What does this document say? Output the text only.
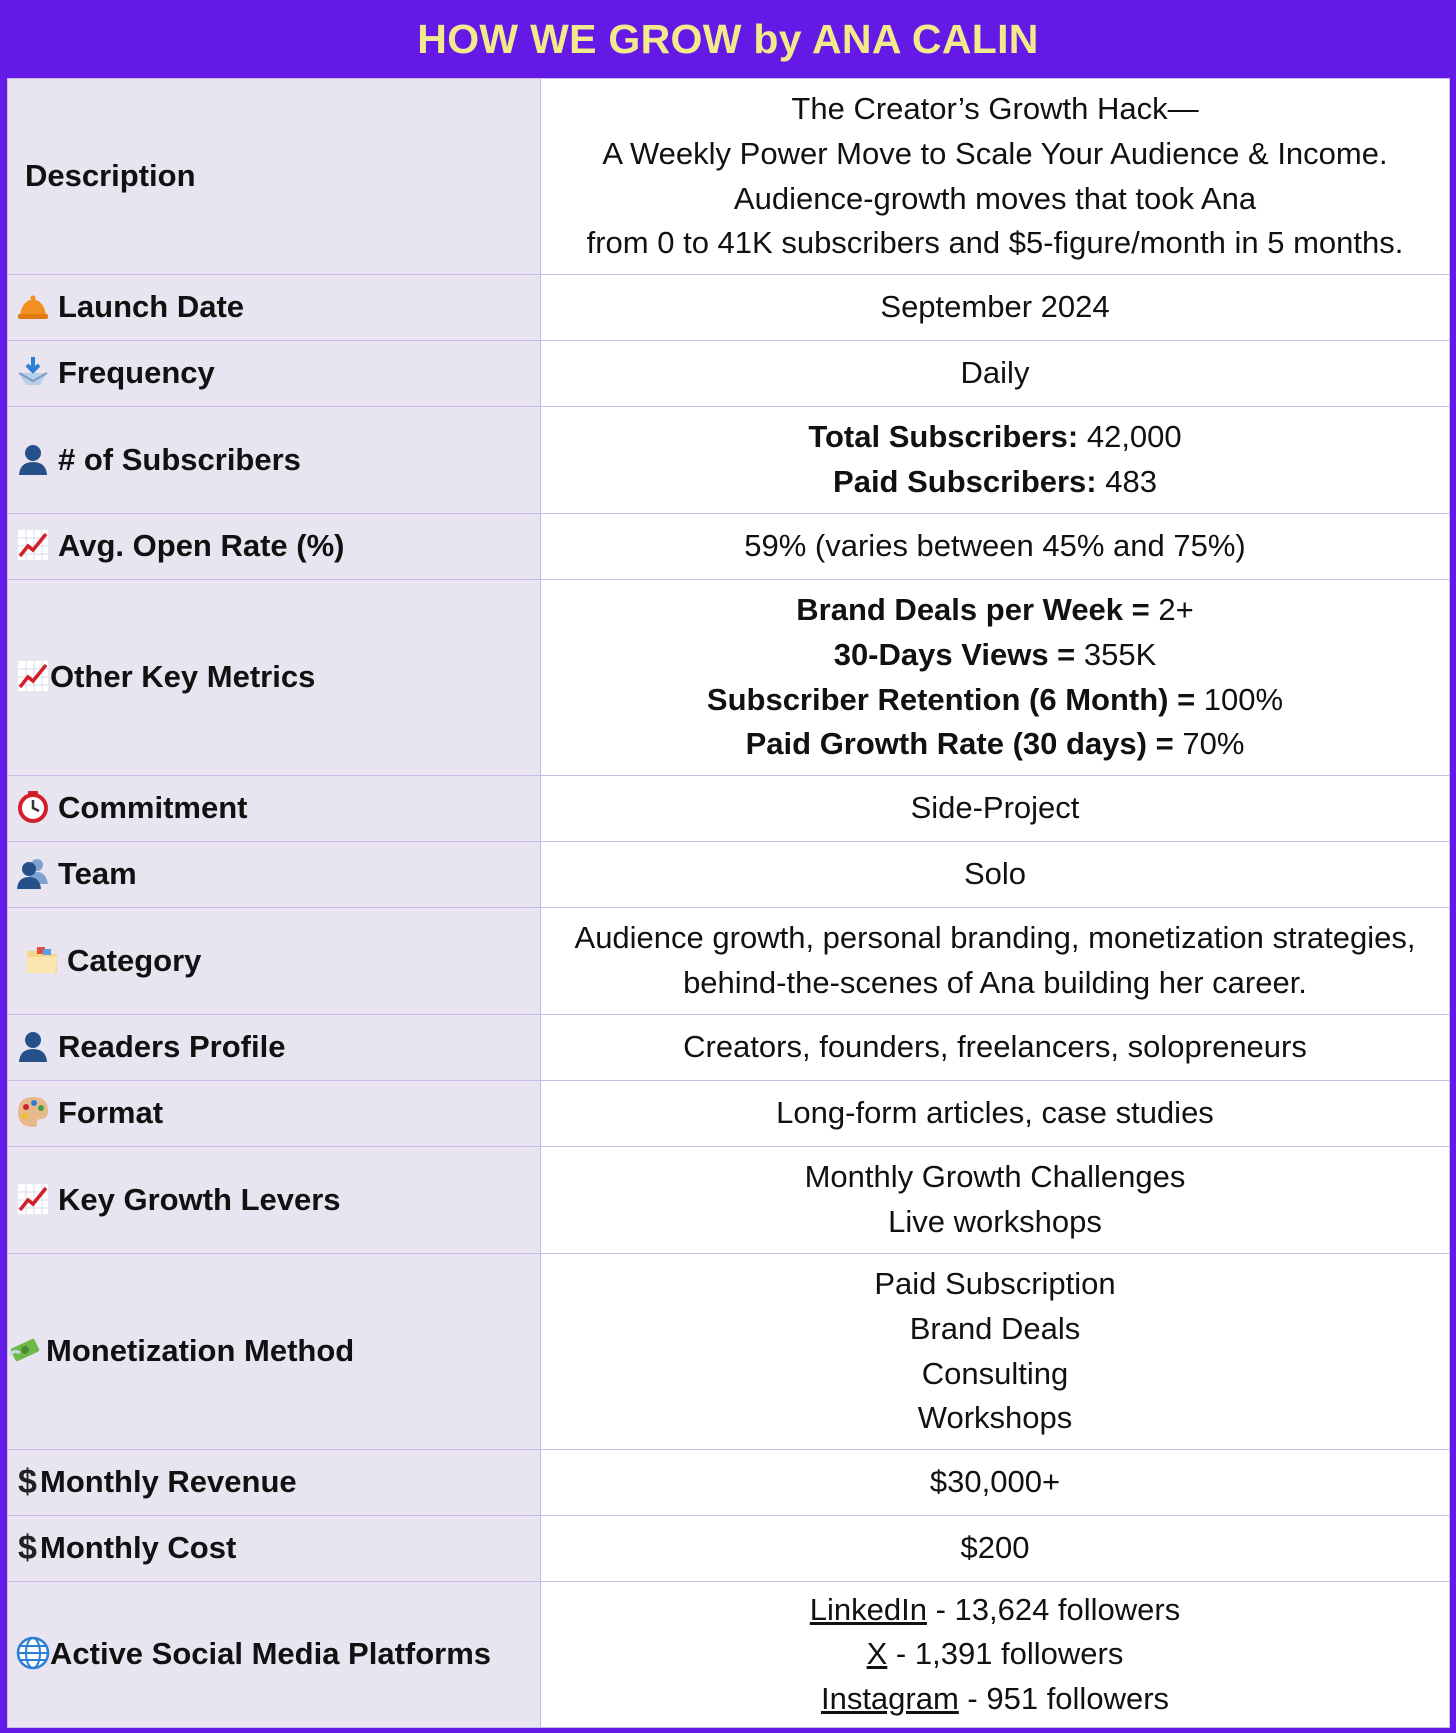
HOW WE GROW by ANA CALIN
Description	The Creator’s Growth Hack—
A Weekly Power Move to Scale Your Audience & Income.
Audience-growth moves that took Ana
from 0 to 41K subscribers and $5-figure/month in 5 months.

Launch Date	September 2024

Frequency	Daily

# of Subscribers	Total Subscribers: 42,000
Paid Subscribers: 483

Avg. Open Rate (%)	59% (varies between 45% and 75%)

Other Key Metrics	Brand Deals per Week = 2+
30-Days Views = 355K
Subscriber Retention (6 Month) = 100%
Paid Growth Rate (30 days) = 70%

Commitment	Side-Project

Team	Solo

Category	Audience growth, personal branding, monetization strategies,
behind-the-scenes of Ana building her career.

Readers Profile	Creators, founders, freelancers, solopreneurs

Format	Long-form articles, case studies

Key Growth Levers	Monthly Growth Challenges
Live workshops

Monetization Method	Paid Subscription
Brand Deals
Consulting
Workshops

$ Monthly Revenue	$30,000+

$ Monthly Cost	$200

Active Social Media Platforms	LinkedIn - 13,624 followers
X - 1,391 followers
Instagram - 951 followers
